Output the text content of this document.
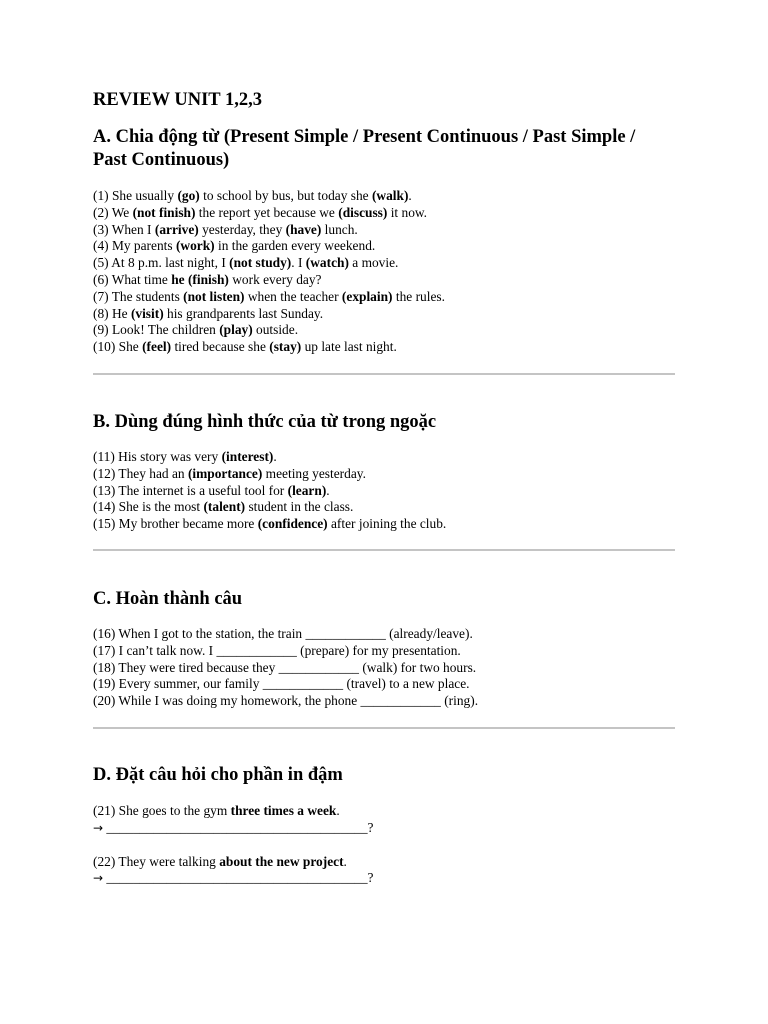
REVIEW UNIT 1,2,3
A. Chia động từ (Present Simple / Present Continuous / Past Simple / Past Continuous)
(1) She usually (go) to school by bus, but today she (walk).
(2) We (not finish) the report yet because we (discuss) it now.
(3) When I (arrive) yesterday, they (have) lunch.
(4) My parents (work) in the garden every weekend.
(5) At 8 p.m. last night, I (not study). I (watch) a movie.
(6) What time he (finish) work every day?
(7) The students (not listen) when the teacher (explain) the rules.
(8) He (visit) his grandparents last Sunday.
(9) Look! The children (play) outside.
(10) She (feel) tired because she (stay) up late last night.
B. Dùng đúng hình thức của từ trong ngoặc
(11) His story was very (interest).
(12) They had an (importance) meeting yesterday.
(13) The internet is a useful tool for (learn).
(14) She is the most (talent) student in the class.
(15) My brother became more (confidence) after joining the club.
C. Hoàn thành câu
(16) When I got to the station, the train ____________ (already/leave).
(17) I can’t talk now. I ____________ (prepare) for my presentation.
(18) They were tired because they ____________ (walk) for two hours.
(19) Every summer, our family ____________ (travel) to a new place.
(20) While I was doing my homework, the phone ____________ (ring).
D. Đặt câu hỏi cho phần in đậm
(21) She goes to the gym three times a week.
→ _______________________________________?
(22) They were talking about the new project.
→ _______________________________________?
